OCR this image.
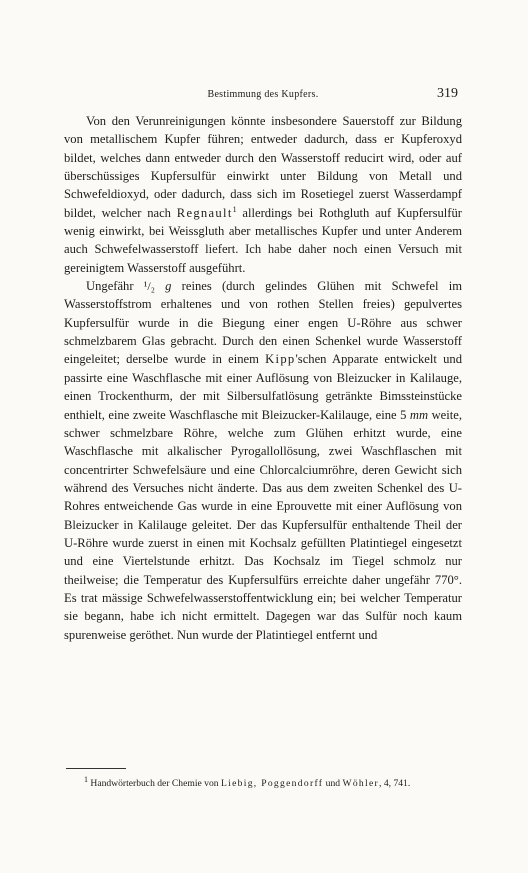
Bestimmung des Kupfers.	319

Von den Verunreinigungen könnte insbesondere Sauerstoff zur Bildung von metallischem Kupfer führen; entweder dadurch, dass er Kupferoxyd bildet, welches dann entweder durch den Wasserstoff reducirt wird, oder auf überschüssiges Kupfersulfür einwirkt unter Bildung von Metall und Schwefeldioxyd, oder dadurch, dass sich im Rosetiegel zuerst Wasserdampf bildet, welcher nach Regnault$^1$ allerdings bei Rothgluth auf Kupfersulfür wenig einwirkt, bei Weissgluth aber metallisches Kupfer und unter Anderem auch Schwefelwasserstoff liefert. Ich habe daher noch einen Versuch mit gereinigtem Wasserstoff ausgeführt.

Ungefähr ¹/₂ g reines (durch gelindes Glühen mit Schwefel im Wasserstoffstrom erhaltenes und von rothen Stellen freies) gepulvertes Kupfersulfür wurde in die Biegung einer engen U-Röhre aus schwer schmelzbarem Glas gebracht. Durch den einen Schenkel wurde Wasserstoff eingeleitet; derselbe wurde in einem Kipp'schen Apparate entwickelt und passirte eine Waschflasche mit einer Auflösung von Bleizucker in Kalilauge, einen Trockenthurm, der mit Silbersulfatlösung getränkte Bimssteinstücke enthielt, eine zweite Waschflasche mit Bleizucker-Kalilauge, eine 5 mm weite, schwer schmelzbare Röhre, welche zum Glühen erhitzt wurde, eine Waschflasche mit alkalischer Pyrogallollösung, zwei Waschflaschen mit concentrirter Schwefelsäure und eine Chlorcalciumröhre, deren Gewicht sich während des Versuches nicht änderte. Das aus dem zweiten Schenkel des U-Rohres entweichende Gas wurde in eine Eprouvette mit einer Auflösung von Bleizucker in Kalilauge geleitet. Der das Kupfersulfür enthaltende Theil der U-Röhre wurde zuerst in einen mit Kochsalz gefüllten Platintiegel eingesetzt und eine Viertelstunde erhitzt. Das Kochsalz im Tiegel schmolz nur theilweise; die Temperatur des Kupfersulfürs erreichte daher ungefähr 770°. Es trat mässige Schwefelwasserstoffentwicklung ein; bei welcher Temperatur sie begann, habe ich nicht ermittelt. Dagegen war das Sulfür noch kaum spurenweise geröthet. Nun wurde der Platintiegel entfernt und

$^1$ Handwörterbuch der Chemie von Liebig, Poggendorff und Wöhler, 4, 741.
